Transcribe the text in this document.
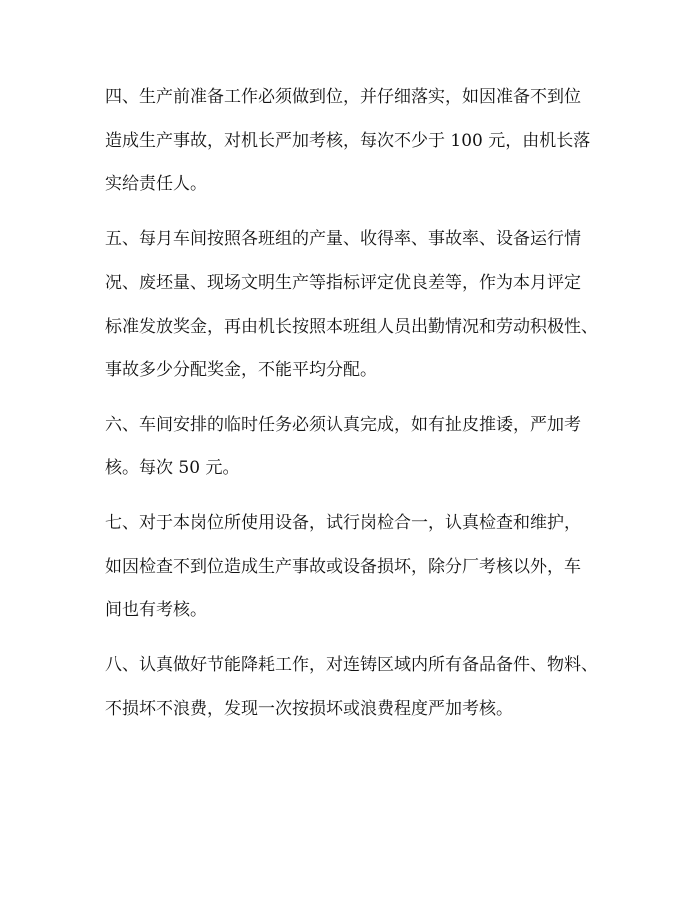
四、生产前准备工作必须做到位，并仔细落实，如因准备不到位

造成生产事故，对机长严加考核，每次不少于 100 元，由机长落

实给责任人。

五、每月车间按照各班组的产量、收得率、事故率、设备运行情

况、废坯量、现场文明生产等指标评定优良差等，作为本月评定

标准发放奖金，再由机长按照本班组人员出勤情况和劳动积极性、

事故多少分配奖金，不能平均分配。

六、车间安排的临时任务必须认真完成，如有扯皮推诿，严加考

核。每次 50 元。

七、对于本岗位所使用设备，试行岗检合一，认真检查和维护，

如因检查不到位造成生产事故或设备损坏，除分厂考核以外，车

间也有考核。

八、认真做好节能降耗工作，对连铸区域内所有备品备件、物料、

不损坏不浪费，发现一次按损坏或浪费程度严加考核。
